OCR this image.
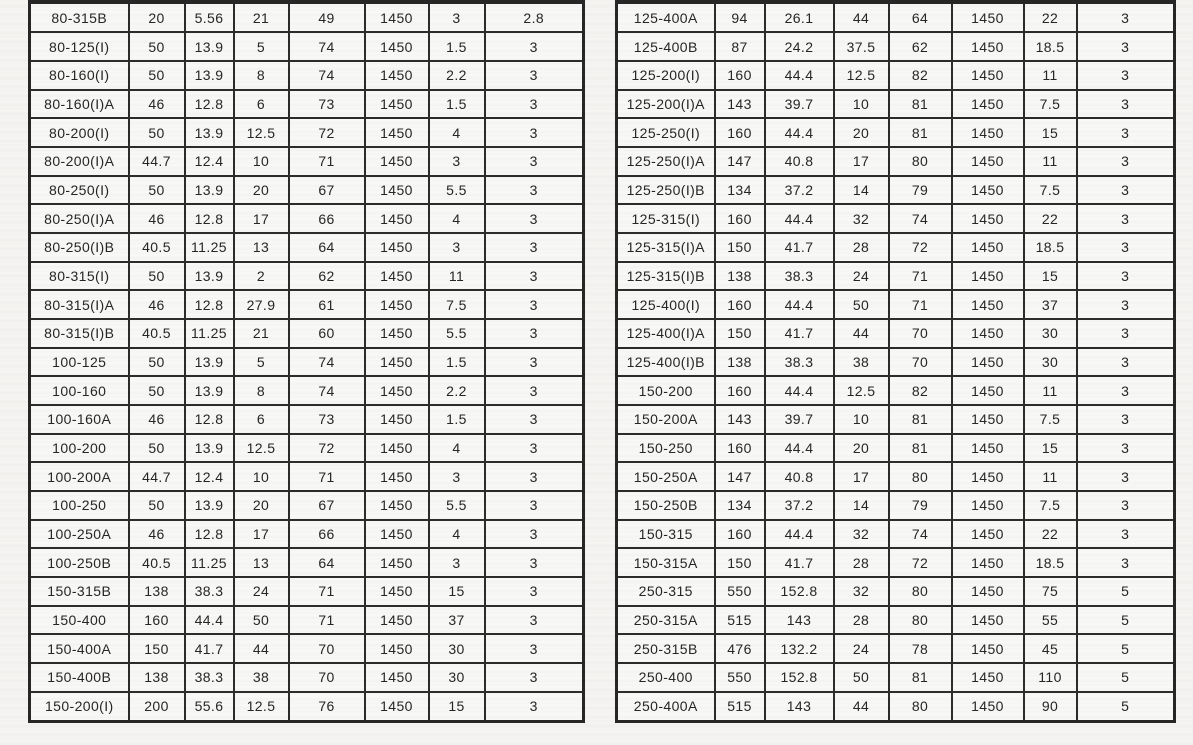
80-315B	20	5.56	21	49	1450	3	2.8
80-125(I)	50	13.9	5	74	1450	1.5	3
80-160(I)	50	13.9	8	74	1450	2.2	3
80-160(I)A	46	12.8	6	73	1450	1.5	3
80-200(I)	50	13.9	12.5	72	1450	4	3
80-200(I)A	44.7	12.4	10	71	1450	3	3
80-250(I)	50	13.9	20	67	1450	5.5	3
80-250(I)A	46	12.8	17	66	1450	4	3
80-250(I)B	40.5	11.25	13	64	1450	3	3
80-315(I)	50	13.9	2	62	1450	11	3
80-315(I)A	46	12.8	27.9	61	1450	7.5	3
80-315(I)B	40.5	11.25	21	60	1450	5.5	3
100-125	50	13.9	5	74	1450	1.5	3
100-160	50	13.9	8	74	1450	2.2	3
100-160A	46	12.8	6	73	1450	1.5	3
100-200	50	13.9	12.5	72	1450	4	3
100-200A	44.7	12.4	10	71	1450	3	3
100-250	50	13.9	20	67	1450	5.5	3
100-250A	46	12.8	17	66	1450	4	3
100-250B	40.5	11.25	13	64	1450	3	3
150-315B	138	38.3	24	71	1450	15	3
150-400	160	44.4	50	71	1450	37	3
150-400A	150	41.7	44	70	1450	30	3
150-400B	138	38.3	38	70	1450	30	3
150-200(I)	200	55.6	12.5	76	1450	15	3
125-400A	94	26.1	44	64	1450	22	3
125-400B	87	24.2	37.5	62	1450	18.5	3
125-200(I)	160	44.4	12.5	82	1450	11	3
125-200(I)A	143	39.7	10	81	1450	7.5	3
125-250(I)	160	44.4	20	81	1450	15	3
125-250(I)A	147	40.8	17	80	1450	11	3
125-250(I)B	134	37.2	14	79	1450	7.5	3
125-315(I)	160	44.4	32	74	1450	22	3
125-315(I)A	150	41.7	28	72	1450	18.5	3
125-315(I)B	138	38.3	24	71	1450	15	3
125-400(I)	160	44.4	50	71	1450	37	3
125-400(I)A	150	41.7	44	70	1450	30	3
125-400(I)B	138	38.3	38	70	1450	30	3
150-200	160	44.4	12.5	82	1450	11	3
150-200A	143	39.7	10	81	1450	7.5	3
150-250	160	44.4	20	81	1450	15	3
150-250A	147	40.8	17	80	1450	11	3
150-250B	134	37.2	14	79	1450	7.5	3
150-315	160	44.4	32	74	1450	22	3
150-315A	150	41.7	28	72	1450	18.5	3
250-315	550	152.8	32	80	1450	75	5
250-315A	515	143	28	80	1450	55	5
250-315B	476	132.2	24	78	1450	45	5
250-400	550	152.8	50	81	1450	110	5
250-400A	515	143	44	80	1450	90	5
